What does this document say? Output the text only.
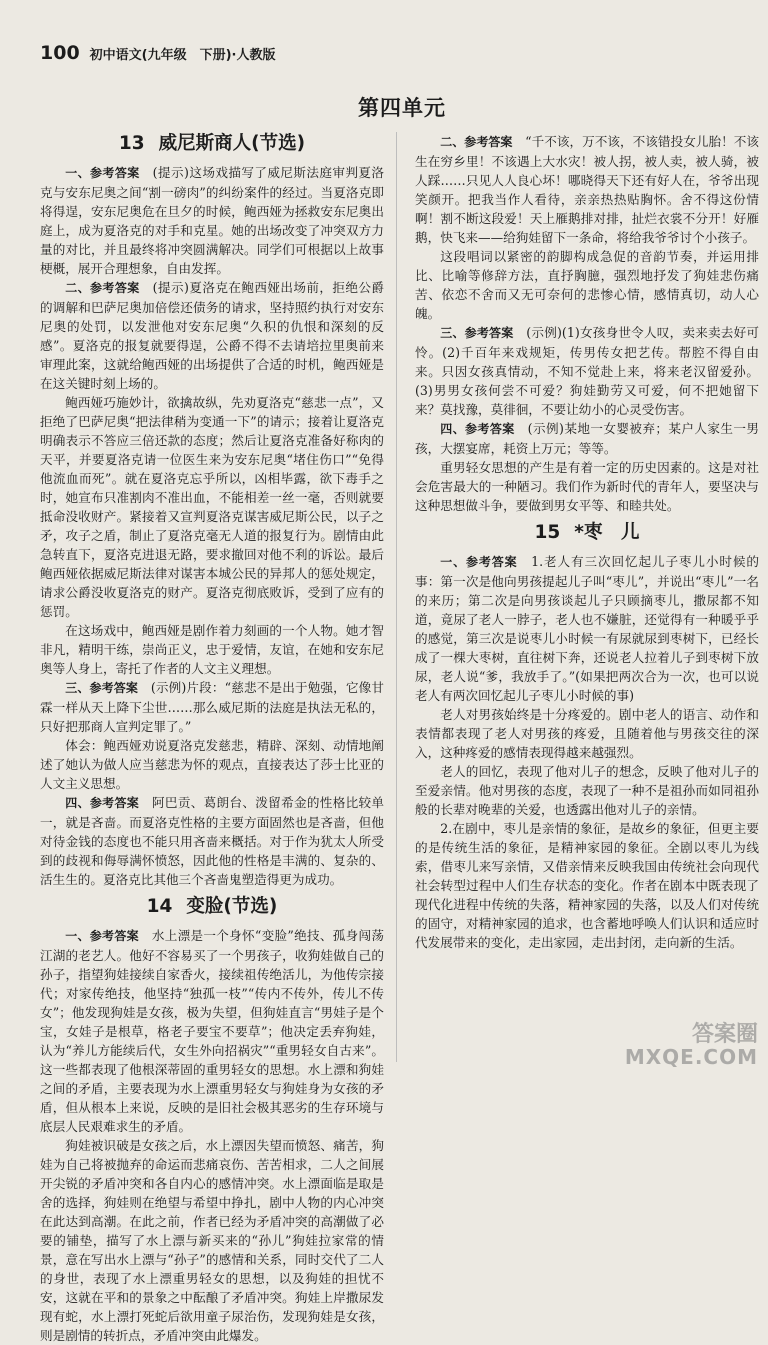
100 初中语文(九年级　下册)·人教版
第四单元
13 威尼斯商人(节选)

一、参考答案　 (提示)这场戏描写了威尼斯法庭审判夏洛克与安东尼奥之间“割一磅肉”的纠纷案件的经过。当夏洛克即将得逞，安东尼奥危在旦夕的时候，鲍西娅为拯救安东尼奥出庭上，成为夏洛克的对手和克星。她的出场改变了冲突双方力量的对比，并且最终将冲突圆满解决。同学们可根据以上故事梗概，展开合理想象，自由发挥。

二、参考答案　 (提示)夏洛克在鲍西娅出场前，拒绝公爵的调解和巴萨尼奥加倍偿还债务的请求，坚持照约执行对安东尼奥的处罚，以发泄他对安东尼奥“久积的仇恨和深刻的反感”。夏洛克的报复就要得逞，公爵不得不去请培拉里奥前来审理此案，这就给鲍西娅的出场提供了合适的时机，鲍西娅是在这关键时刻上场的。

鲍西娅巧施妙计，欲擒故纵，先劝夏洛克“慈悲一点”，又拒绝了巴萨尼奥“把法律稍为变通一下”的请示；接着让夏洛克明确表示不答应三倍还款的态度；然后让夏洛克准备好称肉的天平，并要夏洛克请一位医生来为安东尼奥“堵住伤口”“免得他流血而死”。就在夏洛克忘乎所以，凶相毕露，欲下毒手之时，她宣布只准割肉不准出血，不能相差一丝一毫，否则就要抵命没收财产。紧接着又宣判夏洛克谋害威尼斯公民，以子之矛，攻子之盾，制止了夏洛克毫无人道的报复行为。剧情由此急转直下，夏洛克进退无路，要求撤回对他不利的诉讼。最后鲍西娅依据威尼斯法律对谋害本城公民的异邦人的惩处规定，请求公爵没收夏洛克的财产。夏洛克彻底败诉，受到了应有的惩罚。

在这场戏中，鲍西娅是剧作着力刻画的一个人物。她才智非凡，精明干练，崇尚正义，忠于爱情，友谊，在她和安东尼奥等人身上，寄托了作者的人文主义理想。

三、参考答案　 (示例)片段：“慈悲不是出于勉强，它像甘霖一样从天上降下尘世……那么威尼斯的法庭是执法无私的，只好把那商人宣判定罪了。”

体会：鲍西娅劝说夏洛克发慈悲，精辟、深刻、动情地阐述了她认为做人应当慈悲为怀的观点，直接表达了莎士比亚的人文主义思想。

四、参考答案　 阿巴贡、葛朗台、泼留希金的性格比较单一，就是吝啬。而夏洛克性格的主要方面固然也是吝啬，但他对待金钱的态度也不能只用吝啬来概括。对于作为犹太人所受到的歧视和侮辱满怀愤怒，因此他的性格是丰满的、复杂的、活生生的。夏洛克比其他三个吝啬鬼塑造得更为成功。

14 变脸(节选)

一、参考答案　 水上漂是一个身怀“变脸”绝技、孤身闯荡江湖的老艺人。他好不容易买了一个男孩子，收狗娃做自己的孙子，指望狗娃接续自家香火，接续祖传绝活儿，为他传宗接代；对家传绝技，他坚持“独孤一枝”“传内不传外，传儿不传女”；他发现狗娃是女孩，极为失望，但狗娃直言“男娃子是个宝，女娃子是根草，格老子要宝不要草”；他决定丢弃狗娃，认为“养儿方能续后代，女生外向招祸灾”“重男轻女自古来”。这一些都表现了他根深蒂固的重男轻女的思想。水上漂和狗娃之间的矛盾，主要表现为水上漂重男轻女与狗娃身为女孩的矛盾，但从根本上来说，反映的是旧社会极其恶劣的生存环境与底层人民艰难求生的矛盾。

狗娃被识破是女孩之后，水上漂因失望而愤怒、痛苦，狗娃为自己将被抛弃的命运而悲痛哀伤、苦苦相求，二人之间展开尖锐的矛盾冲突和各自内心的感情冲突。水上漂面临是取是舍的选择，狗娃则在绝望与希望中挣扎，剧中人物的内心冲突在此达到高潮。在此之前，作者已经为矛盾冲突的高潮做了必要的铺垫，描写了水上漂与新买来的“孙儿”狗娃拉家常的情景，意在写出水上漂与“孙子”的感情和关系，同时交代了二人的身世，表现了水上漂重男轻女的思想，以及狗娃的担忧不安，这就在平和的景象之中酝酿了矛盾冲突。狗娃上岸撒尿发现有蛇，水上漂打死蛇后欲用童子尿治伤，发现狗娃是女孩，则是剧情的转折点，矛盾冲突由此爆发。

二、参考答案　 “千不该，万不该，不该错投女儿胎！不该生在穷乡里！不该遇上大水灾！被人拐，被人卖，被人骑，被人踩……只见人人良心坏！哪晓得天下还有好人在，爷爷出现笑颜开。把我当作人看待，亲亲热热贴胸怀。舍不得这份情啊！割不断这段爱！天上雁鹅排对排，扯烂衣裳不分开！好雁鹅，快飞来——给狗娃留下一条命，将给我爷爷讨个小孩子。

这段唱词以紧密的韵脚构成急促的音韵节奏，并运用排比、比喻等修辞方法，直抒胸臆，强烈地抒发了狗娃悲伤痛苦、依恋不舍而又无可奈何的悲惨心情，感情真切，动人心魄。

三、参考答案　 (示例)(1)女孩身世令人叹，卖来卖去好可怜。(2)千百年来戏规矩，传男传女把艺传。帮腔不得自由来。只因女孩真情动，不知不觉赴上来，将来老汉留爱孙。(3)男男女孩何尝不可爱？狗娃勤劳又可爱，何不把她留下来？莫找豫，莫徘徊，不要让幼小的心灵受伤害。

四、参考答案　 (示例)某地一女婴被弃；某户人家生一男孩，大摆宴席，耗资上万元；等等。

重男轻女思想的产生是有着一定的历史因素的。这是对社会危害最大的一种陋习。我们作为新时代的青年人，要坚决与这种思想做斗争，要做到男女平等、和睦共处。

15 *枣　儿

一、参考答案　 1.老人有三次回忆起儿子枣儿小时候的事：第一次是他向男孩提起儿子叫“枣儿”，并说出“枣儿”一名的来历；第二次是向男孩谈起儿子只顾摘枣儿，撒尿都不知道，竟尿了老人一脖子，老人也不嫌脏，还觉得有一种暖乎乎的感觉，第三次是说枣儿小时候一有尿就尿到枣树下，已经长成了一棵大枣树，直往树下奔，还说老人拉着儿子到枣树下放尿，老人说“爹，我放手了。”(如果把两次合为一次，也可以说老人有两次回忆起儿子枣儿小时候的事)

老人对男孩始终是十分疼爱的。剧中老人的语言、动作和表情都表现了老人对男孩的疼爱，且随着他与男孩交往的深入，这种疼爱的感情表现得越来越强烈。

老人的回忆，表现了他对儿子的想念，反映了他对儿子的至爱亲情。他对男孩的态度，表现了一种不是祖孙而如同祖孙般的长辈对晚辈的关爱，也透露出他对儿子的亲情。

2.在剧中，枣儿是亲情的象征，是故乡的象征，但更主要的是传统生活的象征，是精神家园的象征。全剧以枣儿为线索，借枣儿来写亲情，又借亲情来反映我国由传统社会向现代社会转型过程中人们生存状态的变化。作者在剧本中既表现了现代化进程中传统的失落，精神家园的失落，以及人们对传统的固守，对精神家园的追求，也含蓄地呼唤人们认识和适应时代发展带来的变化，走出家园，走出封闭，走向新的生活。

答案圈
MXQE.COM
